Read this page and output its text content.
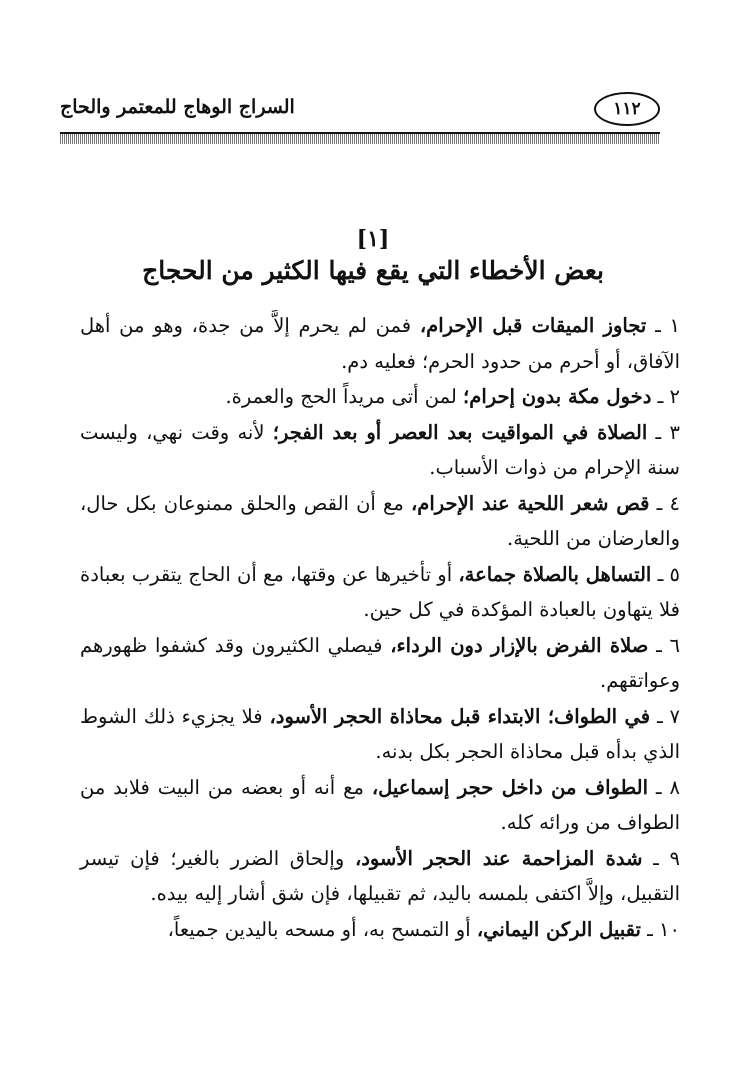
١١٢
السراج الوهاج للمعتمر والحاج
[١]
بعض الأخطاء التي يقع فيها الكثير من الحجاج
١ ـ تجاوز الميقات قبل الإحرام، فمن لم يحرم إلاَّ من جدة، وهو من أهل الآفاق، أو أحرم من حدود الحرم؛ فعليه دم.
٢ ـ دخول مكة بدون إحرام؛ لمن أتى مريداً الحج والعمرة.
٣ ـ الصلاة في المواقيت بعد العصر أو بعد الفجر؛ لأنه وقت نهي، وليست سنة الإحرام من ذوات الأسباب.
٤ ـ قص شعر اللحية عند الإحرام، مع أن القص والحلق ممنوعان بكل حال، والعارضان من اللحية.
٥ ـ التساهل بالصلاة جماعة، أو تأخيرها عن وقتها، مع أن الحاج يتقرب بعبادة فلا يتهاون بالعبادة المؤكدة في كل حين.
٦ ـ صلاة الفرض بالإزار دون الرداء، فيصلي الكثيرون وقد كشفوا ظهورهم وعواتقهم.
٧ ـ في الطواف؛ الابتداء قبل محاذاة الحجر الأسود، فلا يجزيء ذلك الشوط الذي بدأه قبل محاذاة الحجر بكل بدنه.
٨ ـ الطواف من داخل حجر إسماعيل، مع أنه أو بعضه من البيت فلابد من الطواف من ورائه كله.
٩ ـ شدة المزاحمة عند الحجر الأسود، وإلحاق الضرر بالغير؛ فإن تيسر التقبيل، وإلاَّ اكتفى بلمسه باليد، ثم تقبيلها، فإن شق أشار إليه بيده.
١٠ ـ تقبيل الركن اليماني، أو التمسح به، أو مسحه باليدين جميعاً،
